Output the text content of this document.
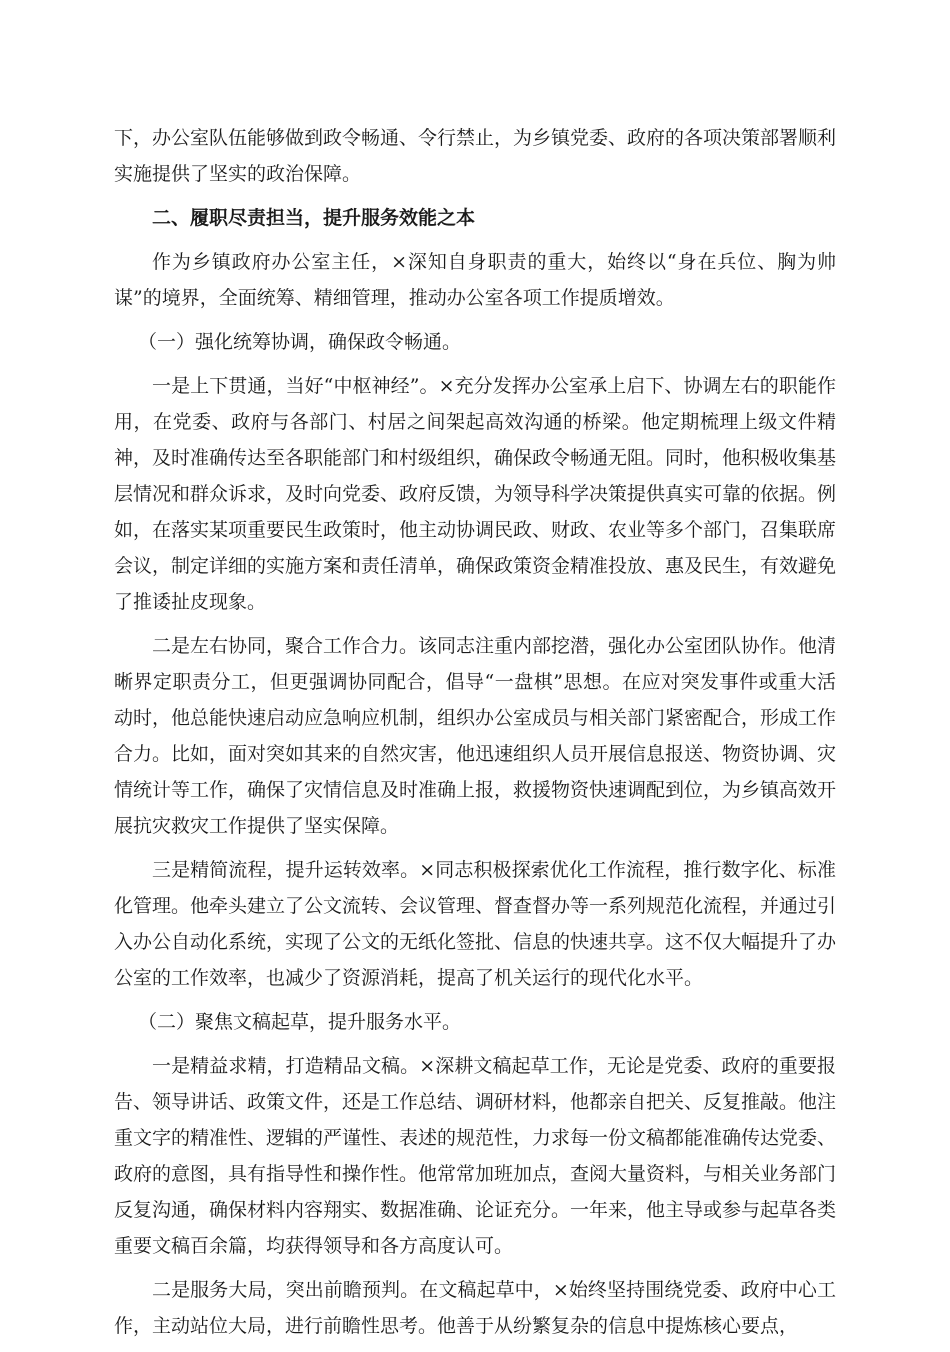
下，办公室队伍能够做到政令畅通、令行禁止，为乡镇党委、政府的各项决策部署顺利实施提供了坚实的政治保障。

二、履职尽责担当，提升服务效能之本

作为乡镇政府办公室主任，×深知自身职责的重大，始终以“身在兵位、胸为帅谋”的境界，全面统筹、精细管理，推动办公室各项工作提质增效。

（一）强化统筹协调，确保政令畅通。

一是上下贯通，当好“中枢神经”。×充分发挥办公室承上启下、协调左右的职能作用，在党委、政府与各部门、村居之间架起高效沟通的桥梁。他定期梳理上级文件精神，及时准确传达至各职能部门和村级组织，确保政令畅通无阻。同时，他积极收集基层情况和群众诉求，及时向党委、政府反馈，为领导科学决策提供真实可靠的依据。例如，在落实某项重要民生政策时，他主动协调民政、财政、农业等多个部门，召集联席会议，制定详细的实施方案和责任清单，确保政策资金精准投放、惠及民生，有效避免了推诿扯皮现象。

二是左右协同，聚合工作合力。该同志注重内部挖潜，强化办公室团队协作。他清晰界定职责分工，但更强调协同配合，倡导“一盘棋”思想。在应对突发事件或重大活动时，他总能快速启动应急响应机制，组织办公室成员与相关部门紧密配合，形成工作合力。比如，面对突如其来的自然灾害，他迅速组织人员开展信息报送、物资协调、灾情统计等工作，确保了灾情信息及时准确上报，救援物资快速调配到位，为乡镇高效开展抗灾救灾工作提供了坚实保障。

三是精简流程，提升运转效率。×同志积极探索优化工作流程，推行数字化、标准化管理。他牵头建立了公文流转、会议管理、督查督办等一系列规范化流程，并通过引入办公自动化系统，实现了公文的无纸化签批、信息的快速共享。这不仅大幅提升了办公室的工作效率，也减少了资源消耗，提高了机关运行的现代化水平。

（二）聚焦文稿起草，提升服务水平。

一是精益求精，打造精品文稿。×深耕文稿起草工作，无论是党委、政府的重要报告、领导讲话、政策文件，还是工作总结、调研材料，他都亲自把关、反复推敲。他注重文字的精准性、逻辑的严谨性、表述的规范性，力求每一份文稿都能准确传达党委、政府的意图，具有指导性和操作性。他常常加班加点，查阅大量资料，与相关业务部门反复沟通，确保材料内容翔实、数据准确、论证充分。一年来，他主导或参与起草各类重要文稿百余篇，均获得领导和各方高度认可。

二是服务大局，突出前瞻预判。在文稿起草中，×始终坚持围绕党委、政府中心工作，主动站位大局，进行前瞻性思考。他善于从纷繁复杂的信息中提炼核心要点，
